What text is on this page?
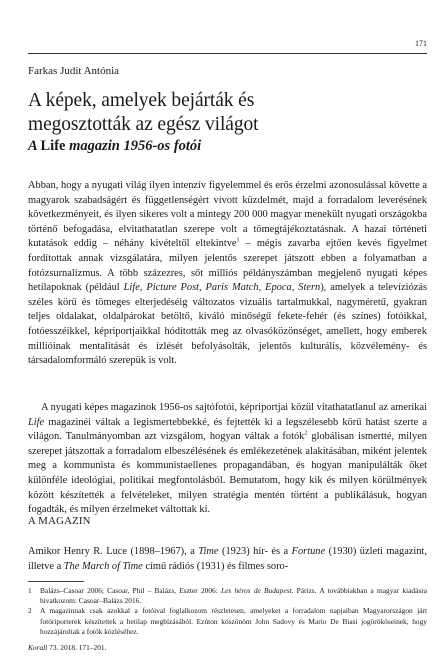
171
Farkas Judit Antónia
A képek, amelyek bejárták és
megosztották az egész világot
A Life magazin 1956-os fotói

Abban, hogy a nyugati világ ilyen intenzív figyelemmel és erős érzelmi azonosulással követte a magyarok szabadságért és függetlenségért vívott küzdelmét, majd a forradalom leverésének következményeit, és ilyen sikeres volt a mintegy 200 000 magyar menekült nyugati országokba történő befogadása, elvitathatatlan szerepe volt a tömegtájékoztatásnak. A hazai történeti kutatások eddig – néhány kivételtől eltekintve$^1$ – mégis zavarba ejtően kevés figyelmet fordítottak annak vizsgálatára, milyen jelentős szerepet játszott ebben a folyamatban a fotózsurnalizmus. A több százezres, sőt milliós példányszámban megjelenő nyugati képes hetilapoknak (például Life, Picture Post, Paris Match, Epoca, Stern), amelyek a televíziózás széles körű és tömeges elterjedéséig változatos vizuális tartalmukkal, nagyméretű, gyakran teljes oldalakat, oldalpárokat betöltő, kiváló minőségű fekete-fehér (és színes) fotóikkal, fotóesszéikkel, képriportjaikkal hódították meg az olvasóközönséget, amellett, hogy emberek millióinak mentalitását és ízlését befolyásolták, jelentős kulturális, közvélemény- és társadalomformáló szerepük is volt.

A nyugati képes magazinok 1956-os sajtófotói, képriportjai közül vitathatatlanul az amerikai Life magazinéi váltak a legismertebbekké, és fejtették ki a legszélesebb körű hatást szerte a világon. Tanulmányomban azt vizsgálom, hogyan váltak a fotók$^2$ globálisan ismertté, milyen szerepet játszottak a forradalom elbeszélésének és emlékezetének alakításában, miként jelentek meg a kommunista és kommunistaellenes propagandában, és hogyan manipulálták őket különféle ideológiai, politikai megfontolásból. Bemutatom, hogy kik és milyen körülmények között készítették a felvételeket, milyen stratégia mentén történt a publikálásuk, hogyan fogadták, és milyen érzelmeket váltottak ki.

A MAGAZIN

Amikor Henry R. Luce (1898–1967), a Time (1923) hír- és a Fortune (1930) üzleti magazint, illetve a The March of Time című rádiós (1931) és filmes soro-

1	Balázs–Casoar 2006; Casoar, Phil – Balázs, Eszter 2006: Les héros de Budapest. Párizs. A továbbiakban a magyar kiadásra hivatkozom: Casoar–Balázs 2016.
2	A magazinnak csak azokkal a fotóival foglalkozom részletesen, amelyeket a forradalom napjaiban Magyarországon járt fotóriporterek készítettek a hetilap megbízásából. Ezúton köszönöm John Sadovy és Mario De Biasi jogörököseinek, hogy hozzájárultak a fotók közléséhez.
Korall 73. 2018. 171–201.
